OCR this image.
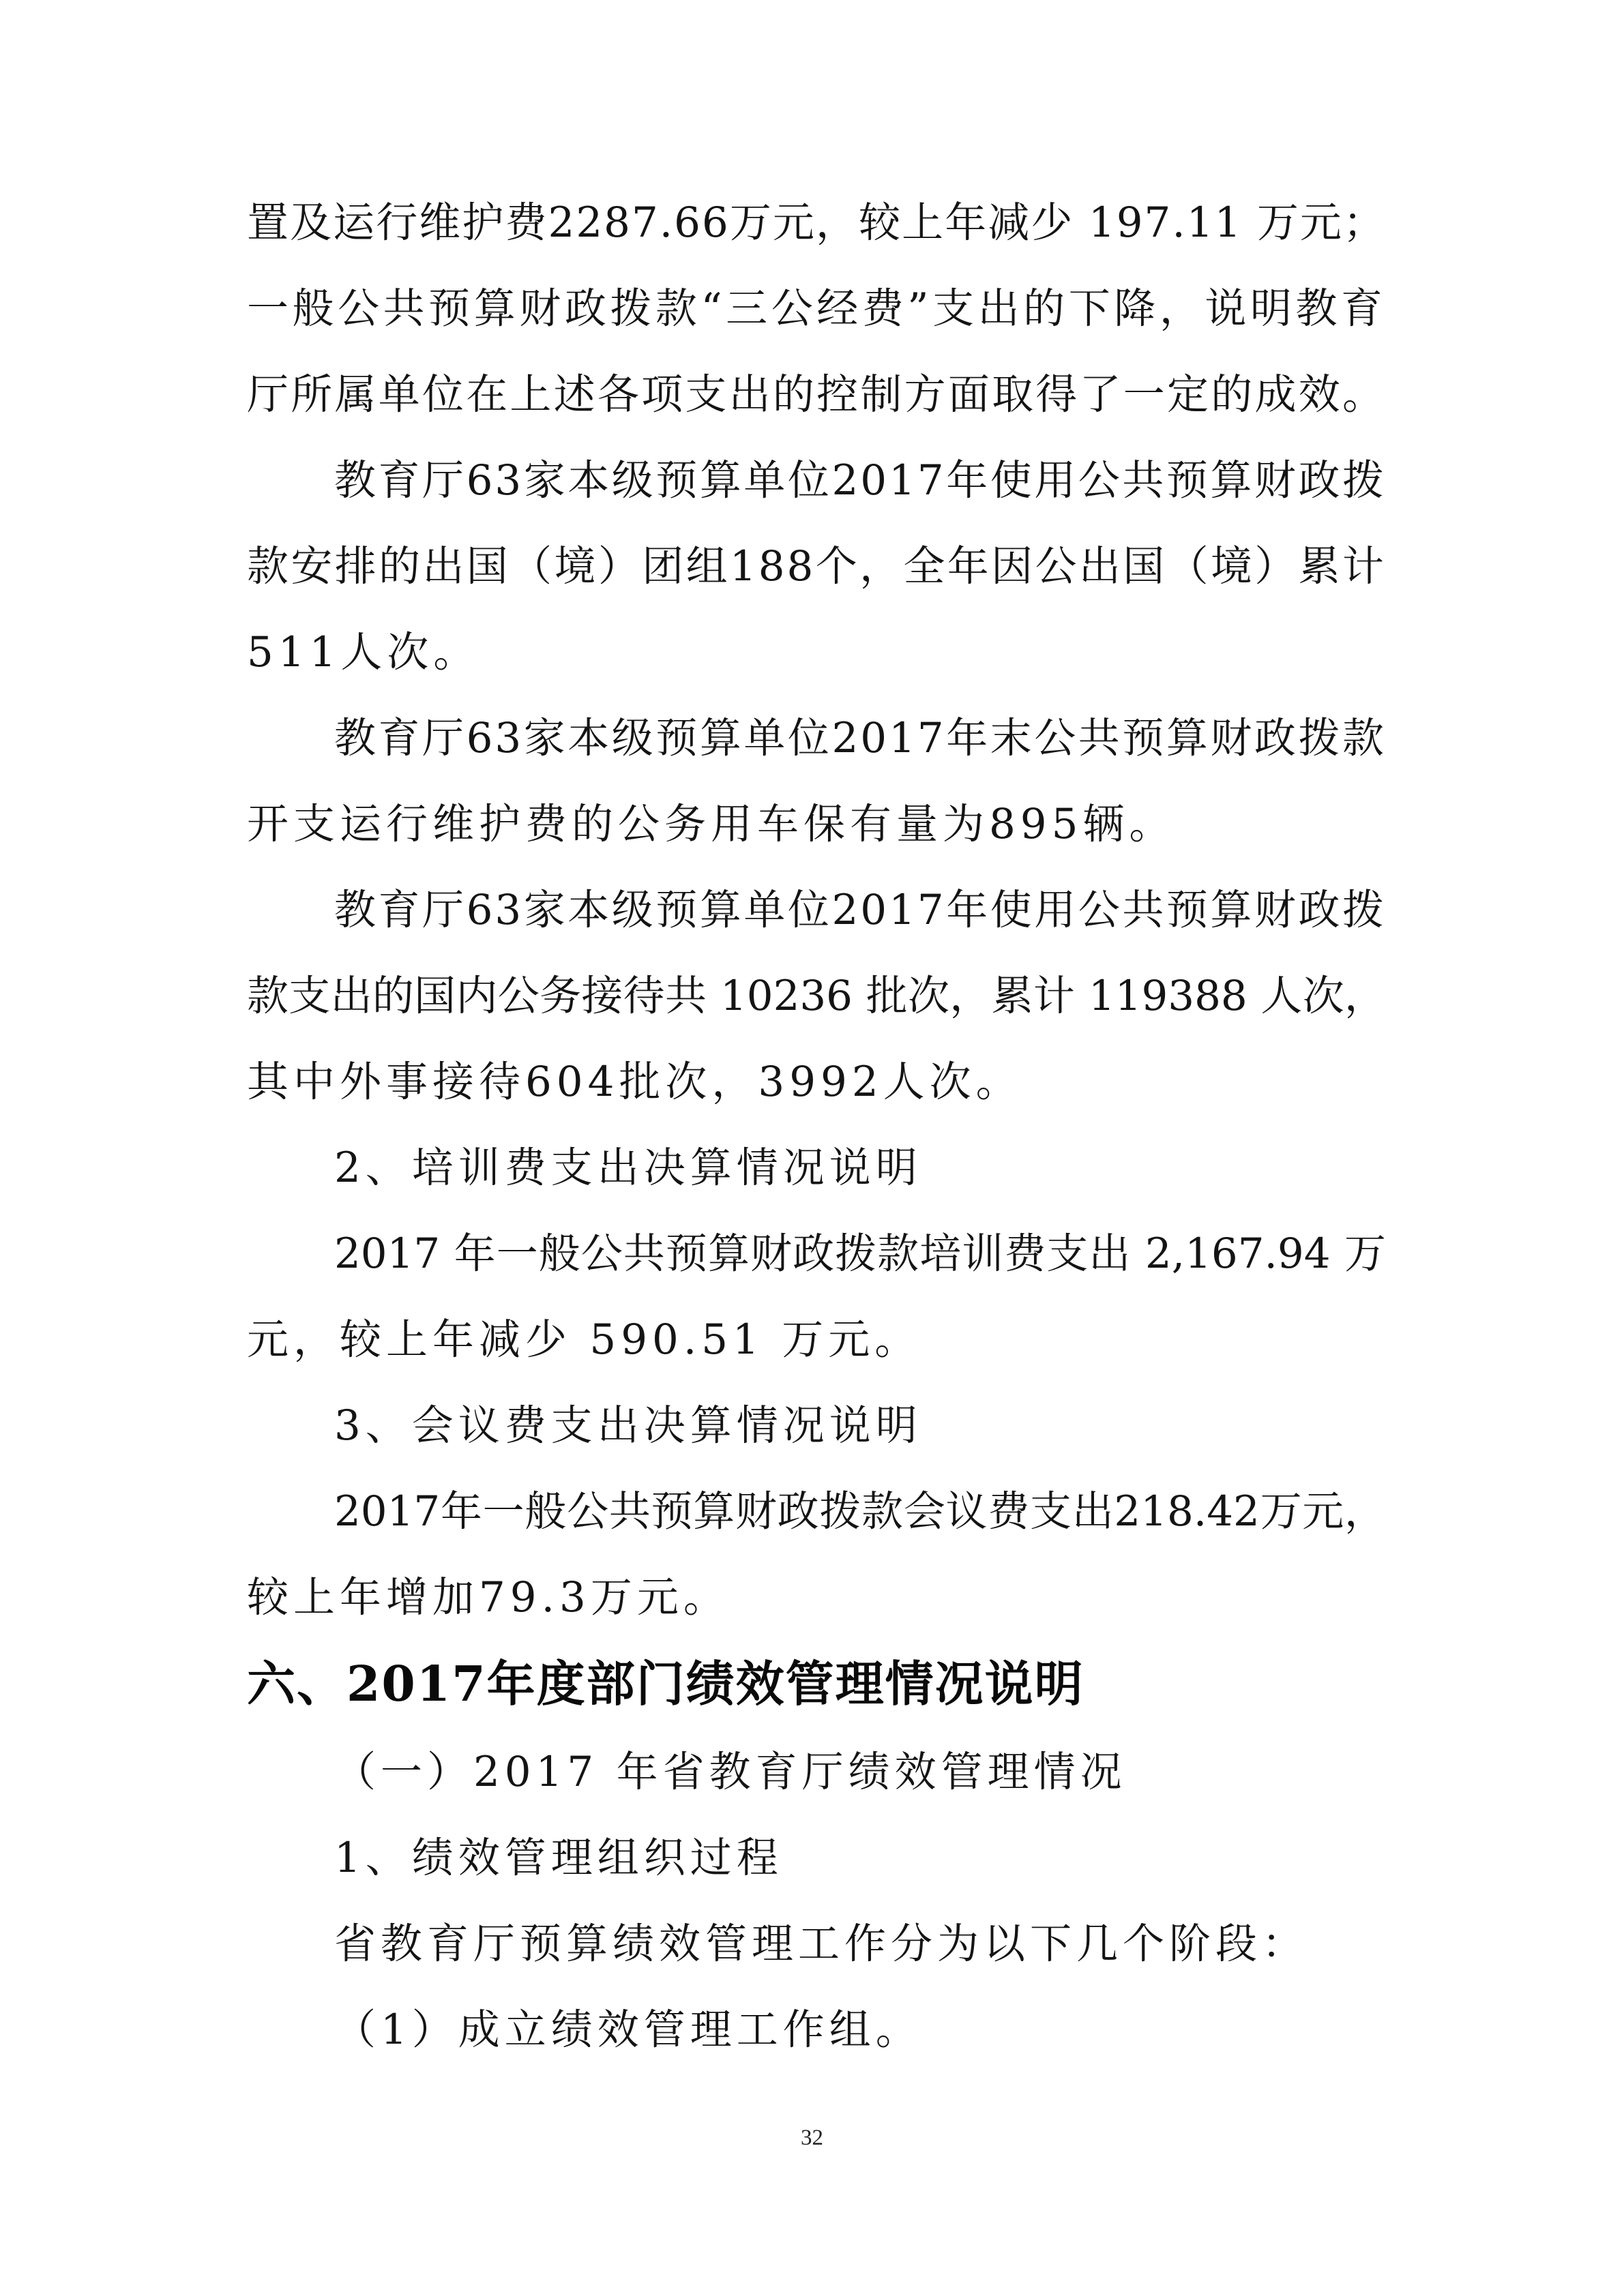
置及运行维护费2287.66万元，较上年减少 197.11 万元；
一般公共预算财政拨款“三公经费”支出的下降，说明教育
厅所属单位在上述各项支出的控制方面取得了一定的成效。
教育厅63家本级预算单位2017年使用公共预算财政拨
款安排的出国（境）团组188个，全年因公出国（境）累计
511人次。
教育厅63家本级预算单位2017年末公共预算财政拨款
开支运行维护费的公务用车保有量为895辆。
教育厅63家本级预算单位2017年使用公共预算财政拨
款支出的国内公务接待共 10236 批次，累计 119388 人次，
其中外事接待604批次，3992人次。
2、培训费支出决算情况说明
2017 年一般公共预算财政拨款培训费支出 2,167.94 万
元，较上年减少 590.51 万元。
3、会议费支出决算情况说明
2017年一般公共预算财政拨款会议费支出218.42万元，
较上年增加79.3万元。
六、2017年度部门绩效管理情况说明
（一）2017 年省教育厅绩效管理情况
1、绩效管理组织过程
省教育厅预算绩效管理工作分为以下几个阶段：
（1）成立绩效管理工作组。
32
